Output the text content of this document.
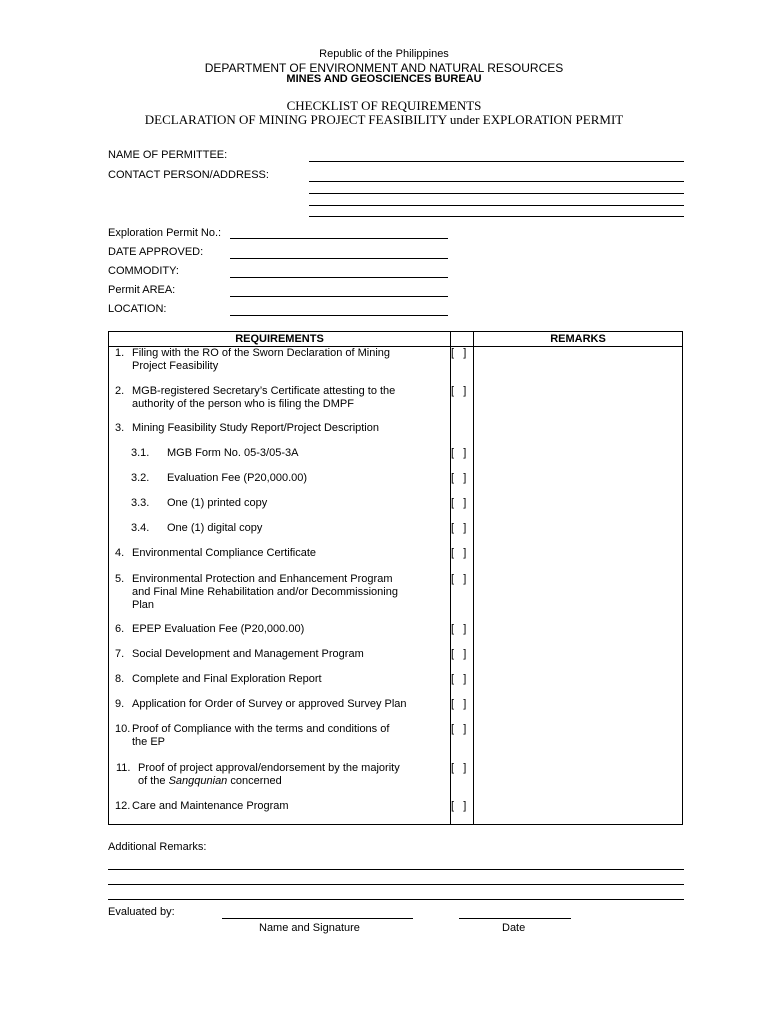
Republic of the Philippines
DEPARTMENT OF ENVIRONMENT AND NATURAL RESOURCES
MINES AND GEOSCIENCES BUREAU
CHECKLIST OF REQUIREMENTS
DECLARATION OF MINING PROJECT FEASIBILITY under EXPLORATION PERMIT
NAME OF PERMITTEE:
CONTACT PERSON/ADDRESS:
Exploration Permit No.:
DATE APPROVED:
COMMODITY:
Permit AREA:
LOCATION:
REQUIREMENTS	REMARKS
1. Filing with the RO of the Sworn Declaration of Mining
Project Feasibility
[   ]
2. MGB-registered Secretary’s Certificate attesting to the
authority of the person who is filing the DMPF
[   ]
3. Mining Feasibility Study Report/Project Description
3.1. MGB Form No. 05-3/05-3A	[   ]
3.2. Evaluation Fee (P20,000.00)	[   ]
3.3. One (1) printed copy	[   ]
3.4. One (1) digital copy	[   ]
4. Environmental Compliance Certificate	[   ]
5. Environmental Protection and Enhancement Program
and Final Mine Rehabilitation and/or Decommissioning
Plan
[   ]
6. EPEP Evaluation Fee (P20,000.00)	[   ]
7. Social Development and Management Program	[   ]
8. Complete and Final Exploration Report	[   ]
9. Application for Order of Survey or approved Survey Plan	[   ]
10. Proof of Compliance with the terms and conditions of
the EP
[   ]
11. Proof of project approval/endorsement by the majority
of the Sangqunian concerned
[   ]
12. Care and Maintenance Program	[   ]
Additional Remarks:
Evaluated by:
Name and Signature	Date
